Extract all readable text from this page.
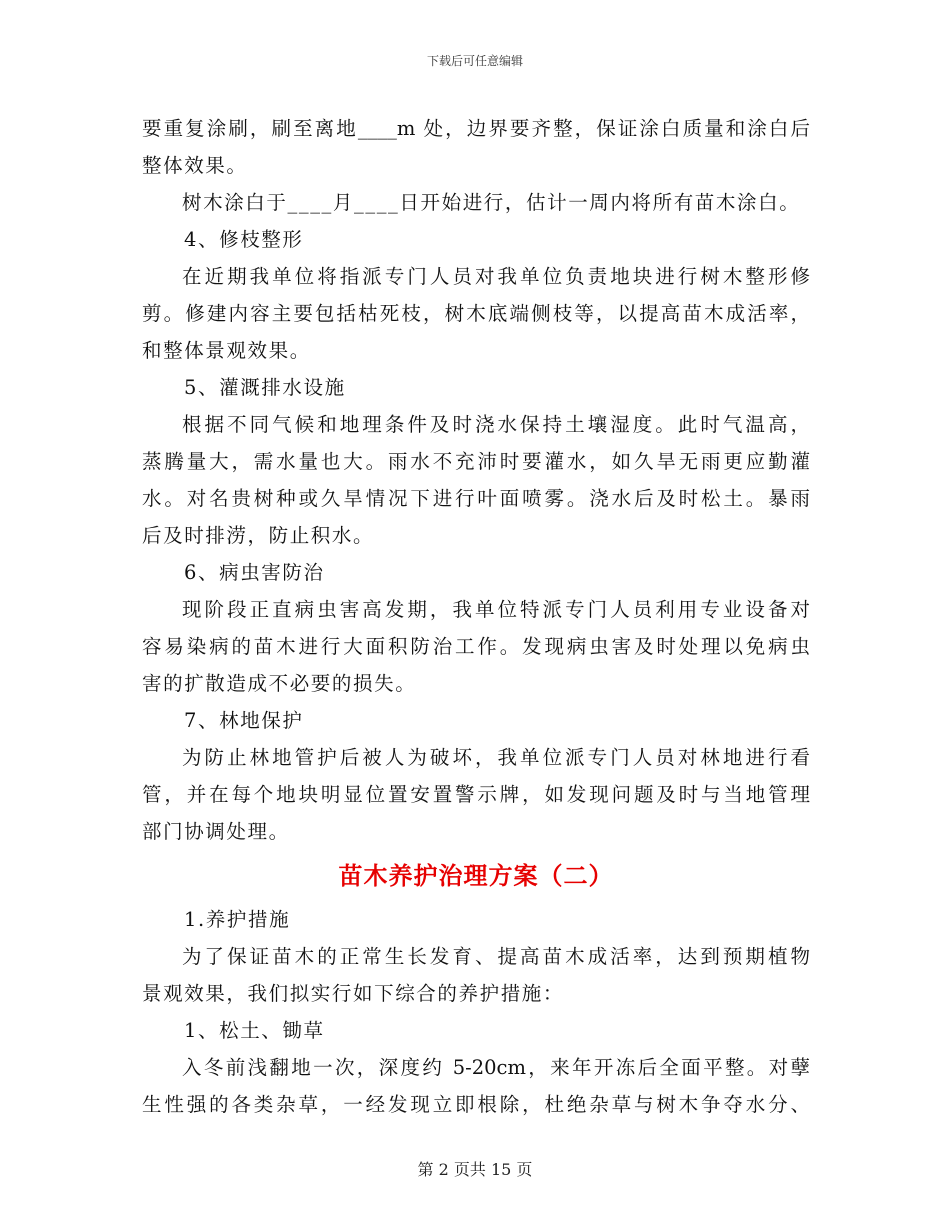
下载后可任意编辑
要重复涂刷，刷至离地____m 处，边界要齐整，保证涂白质量和涂白后
整体效果。
树木涂白于____月____日开始进行，估计一周内将所有苗木涂白。
4、修枝整形
在近期我单位将指派专门人员对我单位负责地块进行树木整形修
剪。修建内容主要包括枯死枝，树木底端侧枝等，以提高苗木成活率，
和整体景观效果。
5、灌溉排水设施
根据不同气候和地理条件及时浇水保持土壤湿度。此时气温高，
蒸腾量大，需水量也大。雨水不充沛时要灌水，如久旱无雨更应勤灌
水。对名贵树种或久旱情况下进行叶面喷雾。浇水后及时松土。暴雨
后及时排涝，防止积水。
6、病虫害防治
现阶段正直病虫害高发期，我单位特派专门人员利用专业设备对
容易染病的苗木进行大面积防治工作。发现病虫害及时处理以免病虫
害的扩散造成不必要的损失。
7、林地保护
为防止林地管护后被人为破坏，我单位派专门人员对林地进行看
管，并在每个地块明显位置安置警示牌，如发现问题及时与当地管理
部门协调处理。
苗木养护治理方案（二）
1.养护措施
为了保证苗木的正常生长发育、提高苗木成活率，达到预期植物
景观效果，我们拟实行如下综合的养护措施：
1、松土、锄草
入冬前浅翻地一次，深度约 5-20cm，来年开冻后全面平整。对孽
生性强的各类杂草，一经发现立即根除，杜绝杂草与树木争夺水分、
第 2 页共 15 页
